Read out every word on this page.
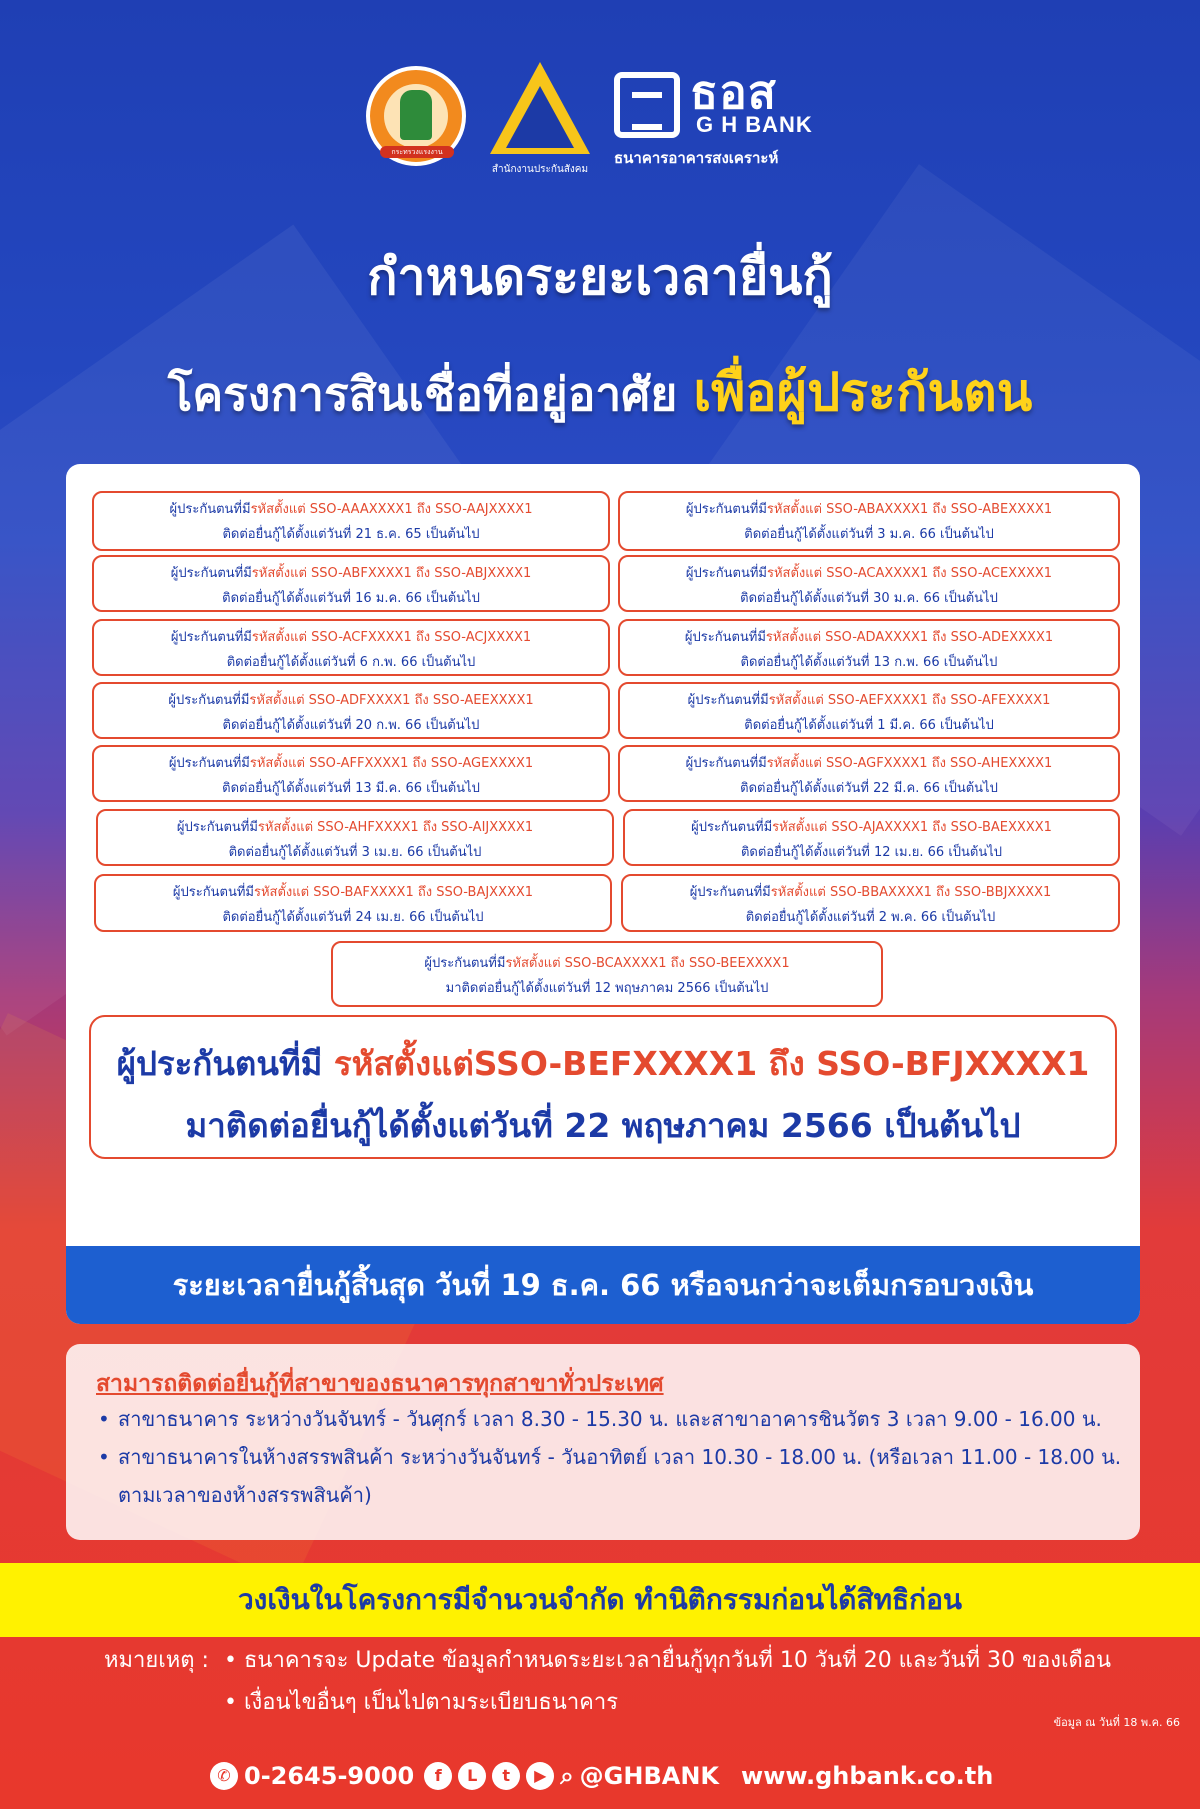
กระทรวงแรงงาน
สำนักงานประกันสังคม
ธอส
G H BANK
ธนาคารอาคารสงเคราะห์
กำหนดระยะเวลายื่นกู้
โครงการสินเชื่อที่อยู่อาศัย เพื่อผู้ประกันตน
ผู้ประกันตนที่มีรหัสตั้งแต่ SSO-AAAXXXX1 ถึง SSO-AAJXXXX1
ติดต่อยื่นกู้ได้ตั้งแต่วันที่ 21 ธ.ค. 65 เป็นต้นไป
ผู้ประกันตนที่มีรหัสตั้งแต่ SSO-ABAXXXX1 ถึง SSO-ABEXXXX1
ติดต่อยื่นกู้ได้ตั้งแต่วันที่ 3 ม.ค. 66 เป็นต้นไป
ผู้ประกันตนที่มีรหัสตั้งแต่ SSO-ABFXXXX1 ถึง SSO-ABJXXXX1
ติดต่อยื่นกู้ได้ตั้งแต่วันที่ 16 ม.ค. 66 เป็นต้นไป
ผู้ประกันตนที่มีรหัสตั้งแต่ SSO-ACAXXXX1 ถึง SSO-ACEXXXX1
ติดต่อยื่นกู้ได้ตั้งแต่วันที่ 30 ม.ค. 66 เป็นต้นไป
ผู้ประกันตนที่มีรหัสตั้งแต่ SSO-ACFXXXX1 ถึง SSO-ACJXXXX1
ติดต่อยื่นกู้ได้ตั้งแต่วันที่ 6 ก.พ. 66 เป็นต้นไป
ผู้ประกันตนที่มีรหัสตั้งแต่ SSO-ADAXXXX1 ถึง SSO-ADEXXXX1
ติดต่อยื่นกู้ได้ตั้งแต่วันที่ 13 ก.พ. 66 เป็นต้นไป
ผู้ประกันตนที่มีรหัสตั้งแต่ SSO-ADFXXXX1 ถึง SSO-AEEXXXX1
ติดต่อยื่นกู้ได้ตั้งแต่วันที่ 20 ก.พ. 66 เป็นต้นไป
ผู้ประกันตนที่มีรหัสตั้งแต่ SSO-AEFXXXX1 ถึง SSO-AFEXXXX1
ติดต่อยื่นกู้ได้ตั้งแต่วันที่ 1 มี.ค. 66 เป็นต้นไป
ผู้ประกันตนที่มีรหัสตั้งแต่ SSO-AFFXXXX1 ถึง SSO-AGEXXXX1
ติดต่อยื่นกู้ได้ตั้งแต่วันที่ 13 มี.ค. 66 เป็นต้นไป
ผู้ประกันตนที่มีรหัสตั้งแต่ SSO-AGFXXXX1 ถึง SSO-AHEXXXX1
ติดต่อยื่นกู้ได้ตั้งแต่วันที่ 22 มี.ค. 66 เป็นต้นไป
ผู้ประกันตนที่มีรหัสตั้งแต่ SSO-AHFXXXX1 ถึง SSO-AIJXXXX1
ติดต่อยื่นกู้ได้ตั้งแต่วันที่ 3 เม.ย. 66 เป็นต้นไป
ผู้ประกันตนที่มีรหัสตั้งแต่ SSO-AJAXXXX1 ถึง SSO-BAEXXXX1
ติดต่อยื่นกู้ได้ตั้งแต่วันที่ 12 เม.ย. 66 เป็นต้นไป
ผู้ประกันตนที่มีรหัสตั้งแต่ SSO-BAFXXXX1 ถึง SSO-BAJXXXX1
ติดต่อยื่นกู้ได้ตั้งแต่วันที่ 24 เม.ย. 66 เป็นต้นไป
ผู้ประกันตนที่มีรหัสตั้งแต่ SSO-BBAXXXX1 ถึง SSO-BBJXXXX1
ติดต่อยื่นกู้ได้ตั้งแต่วันที่ 2 พ.ค. 66 เป็นต้นไป
ผู้ประกันตนที่มีรหัสตั้งแต่ SSO-BCAXXXX1 ถึง SSO-BEEXXXX1
มาติดต่อยื่นกู้ได้ตั้งแต่วันที่ 12 พฤษภาคม 2566 เป็นต้นไป
ผู้ประกันตนที่มี รหัสตั้งแต่SSO-BEFXXXX1 ถึง SSO-BFJXXXX1
มาติดต่อยื่นกู้ได้ตั้งแต่วันที่ 22 พฤษภาคม 2566 เป็นต้นไป
ระยะเวลายื่นกู้สิ้นสุด วันที่ 19 ธ.ค. 66 หรือจนกว่าจะเต็มกรอบวงเงิน
สามารถติดต่อยื่นกู้ที่สาขาของธนาคารทุกสาขาทั่วประเทศ
• สาขาธนาคาร ระหว่างวันจันทร์ - วันศุกร์ เวลา 8.30 - 15.30 น. และสาขาอาคารชินวัตร 3 เวลา 9.00 - 16.00 น.
• สาขาธนาคารในห้างสรรพสินค้า ระหว่างวันจันทร์ - วันอาทิตย์ เวลา 10.30 - 18.00 น. (หรือเวลา 11.00 - 18.00 น. ตามเวลาของห้างสรรพสินค้า)
วงเงินในโครงการมีจำนวนจำกัด ทำนิติกรรมก่อนได้สิทธิก่อน
หมายเหตุ :
•	ธนาคารจะ Update ข้อมูลกำหนดระยะเวลายื่นกู้ทุกวันที่ 10 วันที่ 20 และวันที่ 30 ของเดือน
• เงื่อนไขอื่นๆ เป็นไปตามระเบียบธนาคาร
ข้อมูล ณ วันที่ 18 พ.ค. 66
✆ 0-2645-9000	f	L	t	▶ ⌕ @GHBANK www.ghbank.co.th
